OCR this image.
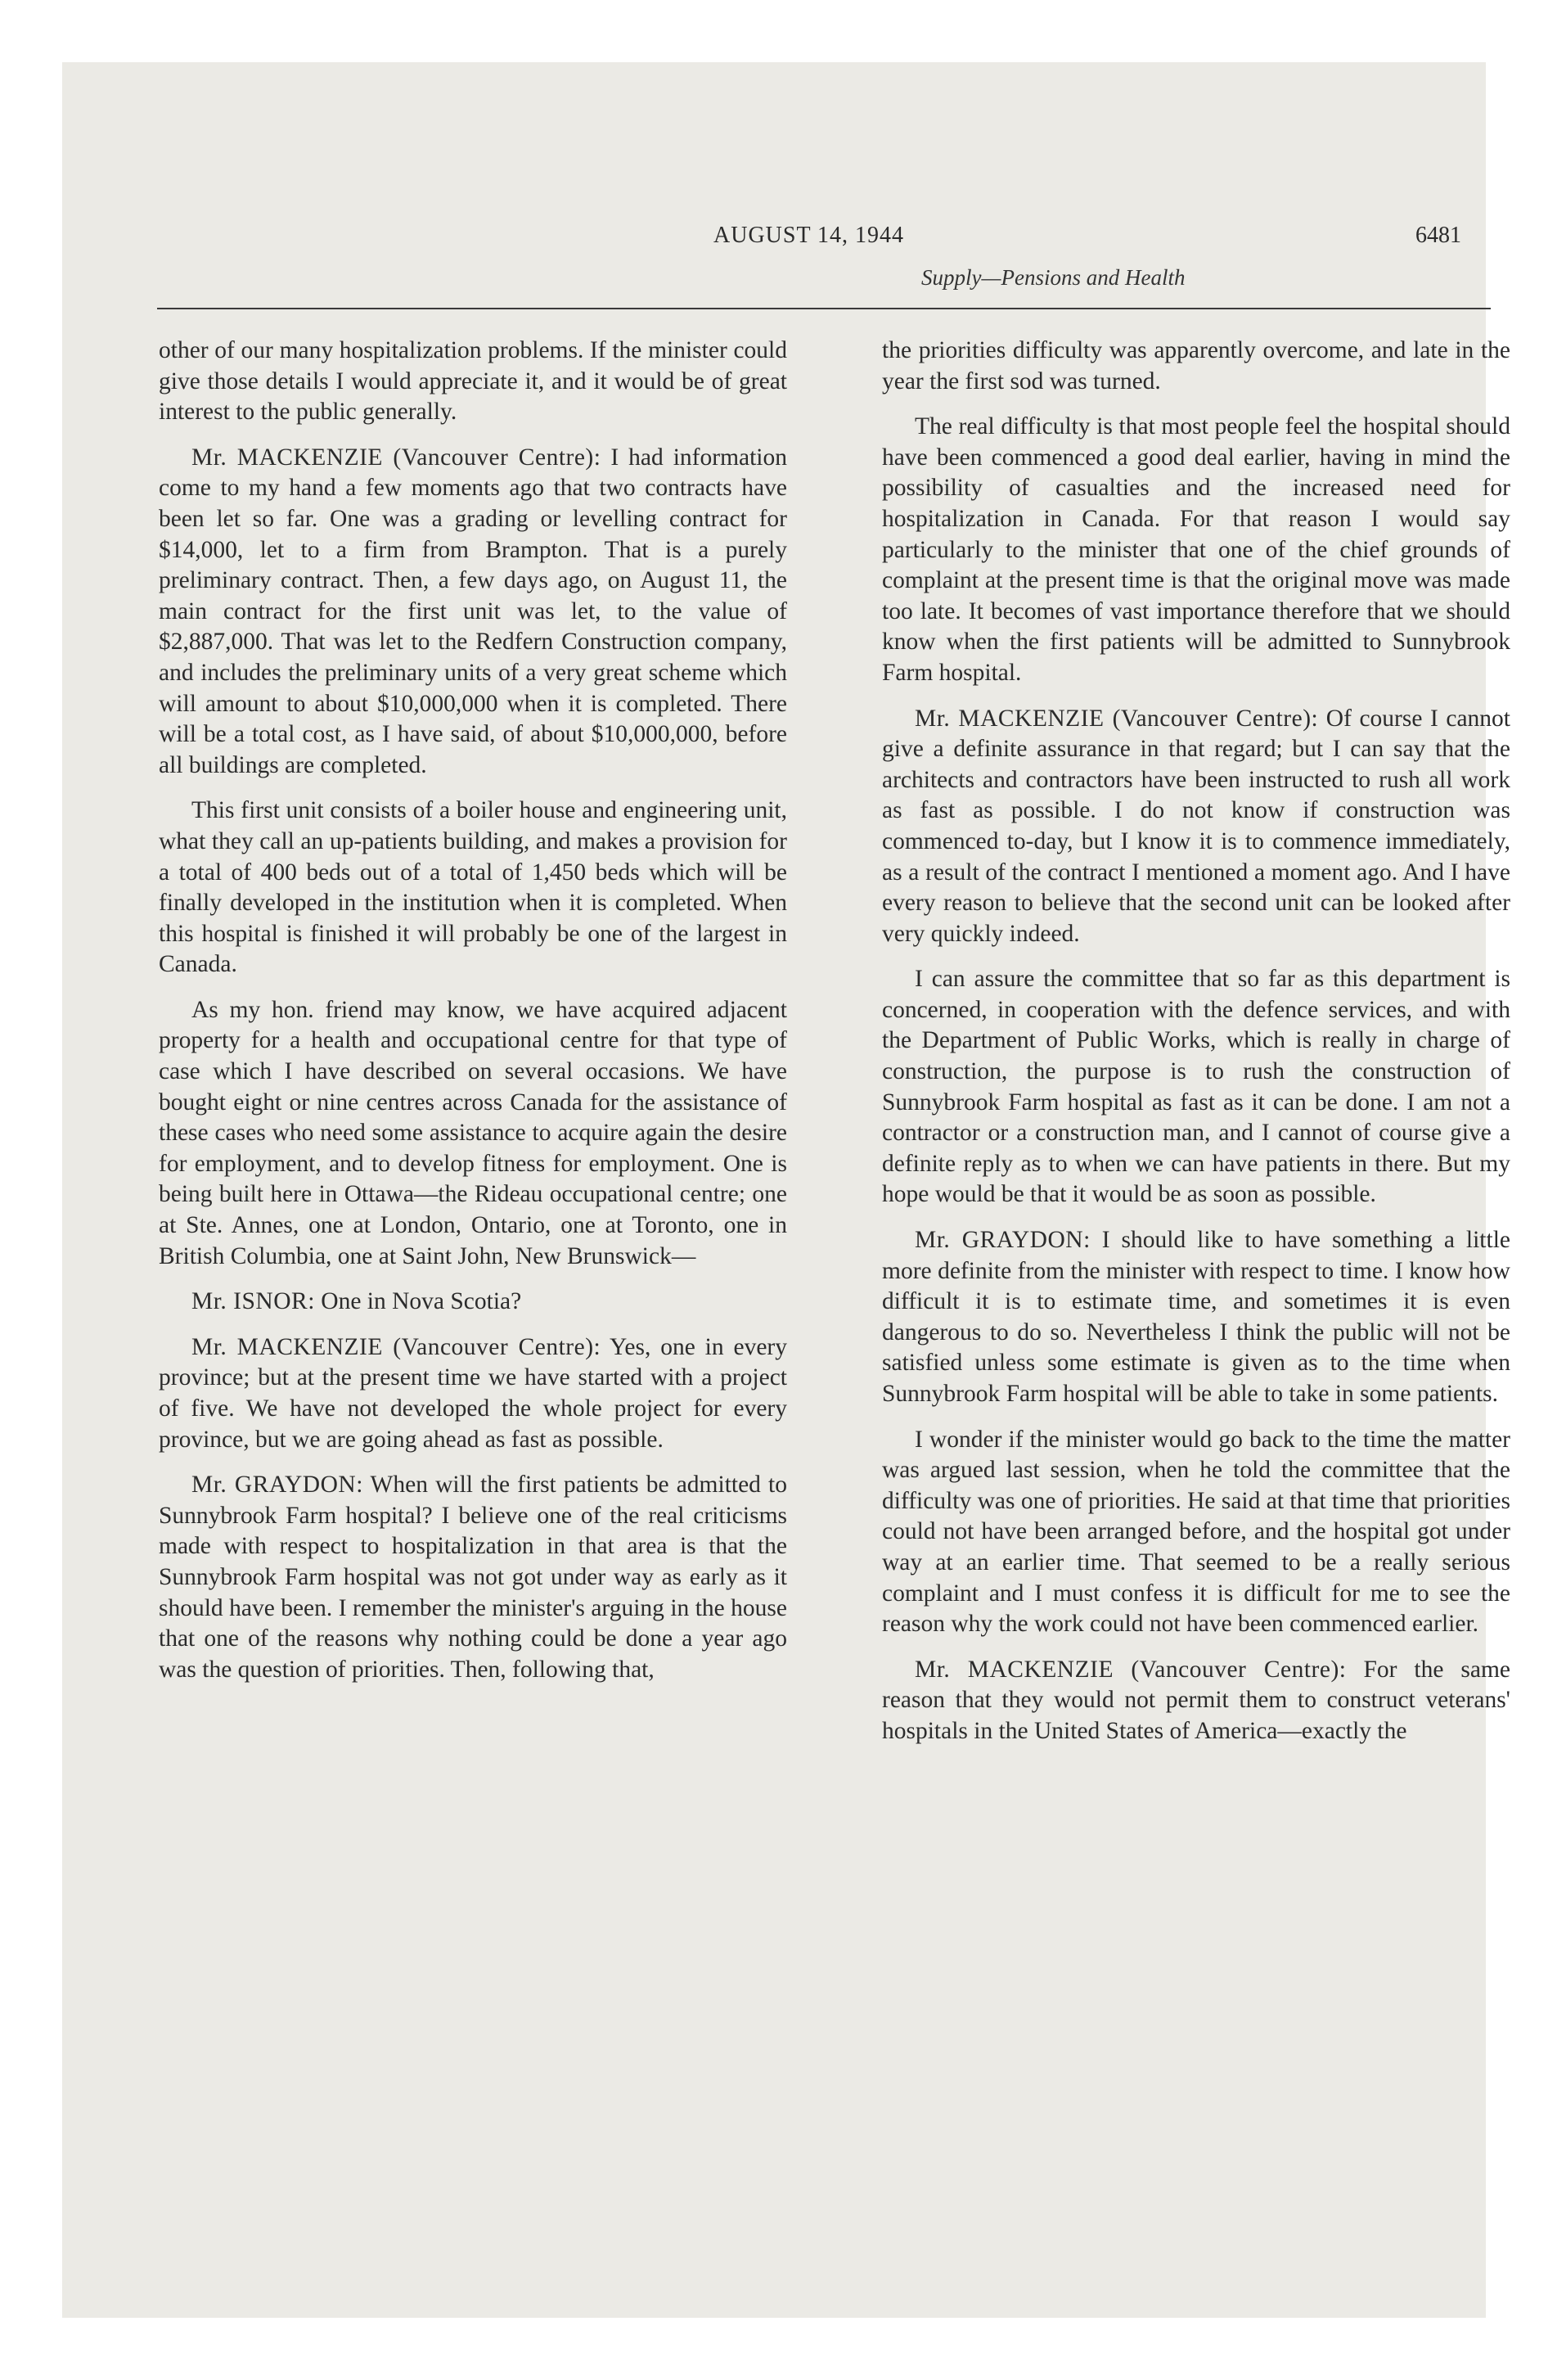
AUGUST 14, 1944	6481
Supply—Pensions and Health

other of our many hospitalization problems. If the minister could give those details I would appreciate it, and it would be of great interest to the public generally.

Mr. MACKENZIE (Vancouver Centre): I had information come to my hand a few moments ago that two contracts have been let so far. One was a grading or levelling contract for $14,000, let to a firm from Brampton. That is a purely preliminary contract. Then, a few days ago, on August 11, the main contract for the first unit was let, to the value of $2,887,000. That was let to the Redfern Construction company, and includes the preliminary units of a very great scheme which will amount to about $10,000,000 when it is completed. There will be a total cost, as I have said, of about $10,000,000, before all buildings are completed.

This first unit consists of a boiler house and engineering unit, what they call an up-patients building, and makes a provision for a total of 400 beds out of a total of 1,450 beds which will be finally developed in the institution when it is completed. When this hospital is finished it will probably be one of the largest in Canada.

As my hon. friend may know, we have acquired adjacent property for a health and occupational centre for that type of case which I have described on several occasions. We have bought eight or nine centres across Canada for the assistance of these cases who need some assistance to acquire again the desire for employment, and to develop fitness for employment. One is being built here in Ottawa—the Rideau occupational centre; one at Ste. Annes, one at London, Ontario, one at Toronto, one in British Columbia, one at Saint John, New Brunswick—

Mr. ISNOR: One in Nova Scotia?

Mr. MACKENZIE (Vancouver Centre): Yes, one in every province; but at the present time we have started with a project of five. We have not developed the whole project for every province, but we are going ahead as fast as possible.

Mr. GRAYDON: When will the first patients be admitted to Sunnybrook Farm hospital? I believe one of the real criticisms made with respect to hospitalization in that area is that the Sunnybrook Farm hospital was not got under way as early as it should have been. I remember the minister's arguing in the house that one of the reasons why nothing could be done a year ago was the question of priorities. Then, following that,

the priorities difficulty was apparently overcome, and late in the year the first sod was turned.

The real difficulty is that most people feel the hospital should have been commenced a good deal earlier, having in mind the possibility of casualties and the increased need for hospitalization in Canada. For that reason I would say particularly to the minister that one of the chief grounds of complaint at the present time is that the original move was made too late. It becomes of vast importance therefore that we should know when the first patients will be admitted to Sunnybrook Farm hospital.

Mr. MACKENZIE (Vancouver Centre): Of course I cannot give a definite assurance in that regard; but I can say that the architects and contractors have been instructed to rush all work as fast as possible. I do not know if construction was commenced to-day, but I know it is to commence immediately, as a result of the contract I mentioned a moment ago. And I have every reason to believe that the second unit can be looked after very quickly indeed.

I can assure the committee that so far as this department is concerned, in cooperation with the defence services, and with the Department of Public Works, which is really in charge of construction, the purpose is to rush the construction of Sunnybrook Farm hospital as fast as it can be done. I am not a contractor or a construction man, and I cannot of course give a definite reply as to when we can have patients in there. But my hope would be that it would be as soon as possible.

Mr. GRAYDON: I should like to have something a little more definite from the minister with respect to time. I know how difficult it is to estimate time, and sometimes it is even dangerous to do so. Nevertheless I think the public will not be satisfied unless some estimate is given as to the time when Sunnybrook Farm hospital will be able to take in some patients.

I wonder if the minister would go back to the time the matter was argued last session, when he told the committee that the difficulty was one of priorities. He said at that time that priorities could not have been arranged before, and the hospital got under way at an earlier time. That seemed to be a really serious complaint and I must confess it is difficult for me to see the reason why the work could not have been commenced earlier.

Mr. MACKENZIE (Vancouver Centre): For the same reason that they would not permit them to construct veterans' hospitals in the United States of America—exactly the
